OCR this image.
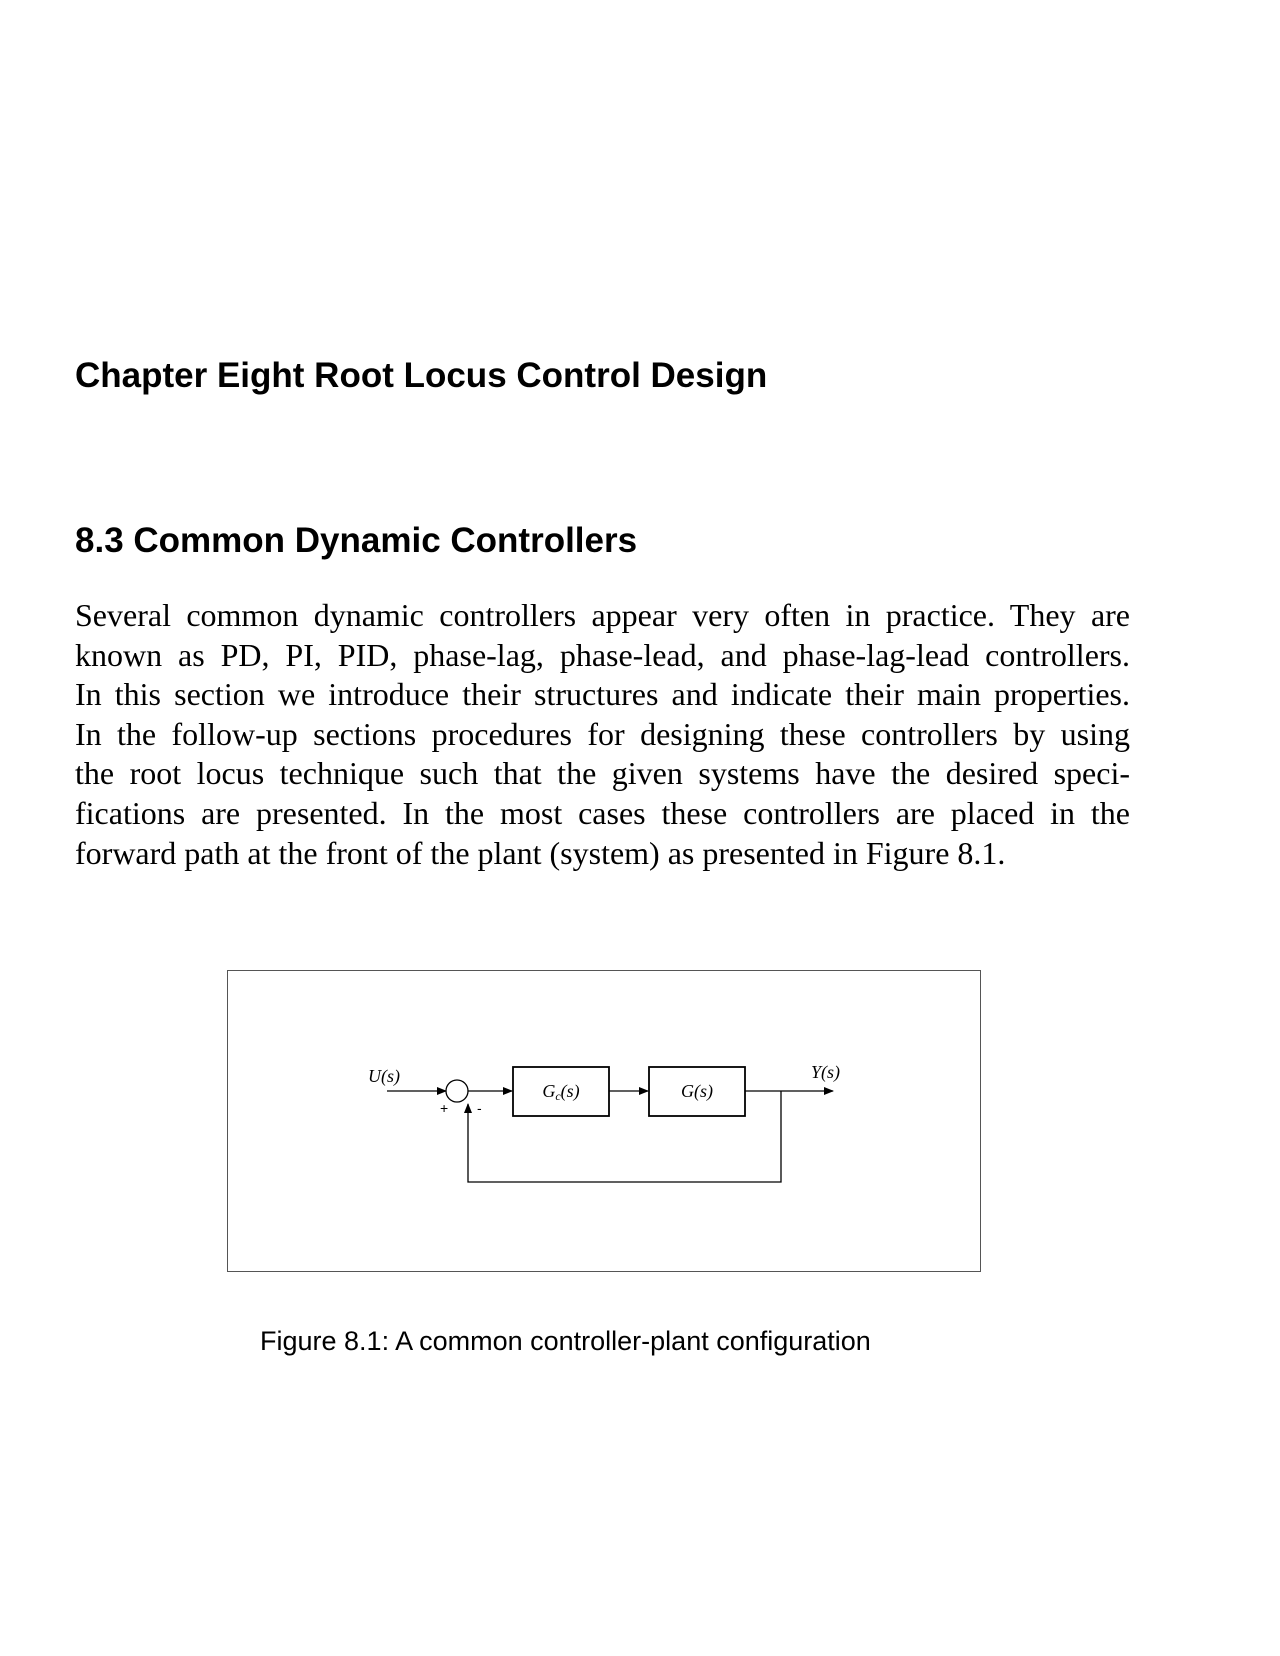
Chapter Eight Root Locus Control Design
8.3 Common Dynamic Controllers

Several common dynamic controllers appear very often in practice. They are
known as PD, PI, PID, phase-lag, phase-lead, and phase-lag-lead controllers.
In this section we introduce their structures and indicate their main properties.
In the follow-up sections procedures for designing these controllers by using
the root locus technique such that the given systems have the desired speci-
fications are presented. In the most cases these controllers are placed in the
forward path at the front of the plant (system) as presented in Figure 8.1.

U(s)
+ -
Gc(s)	G(s)
Y(s)

Figure 8.1: A common controller-plant configuration
